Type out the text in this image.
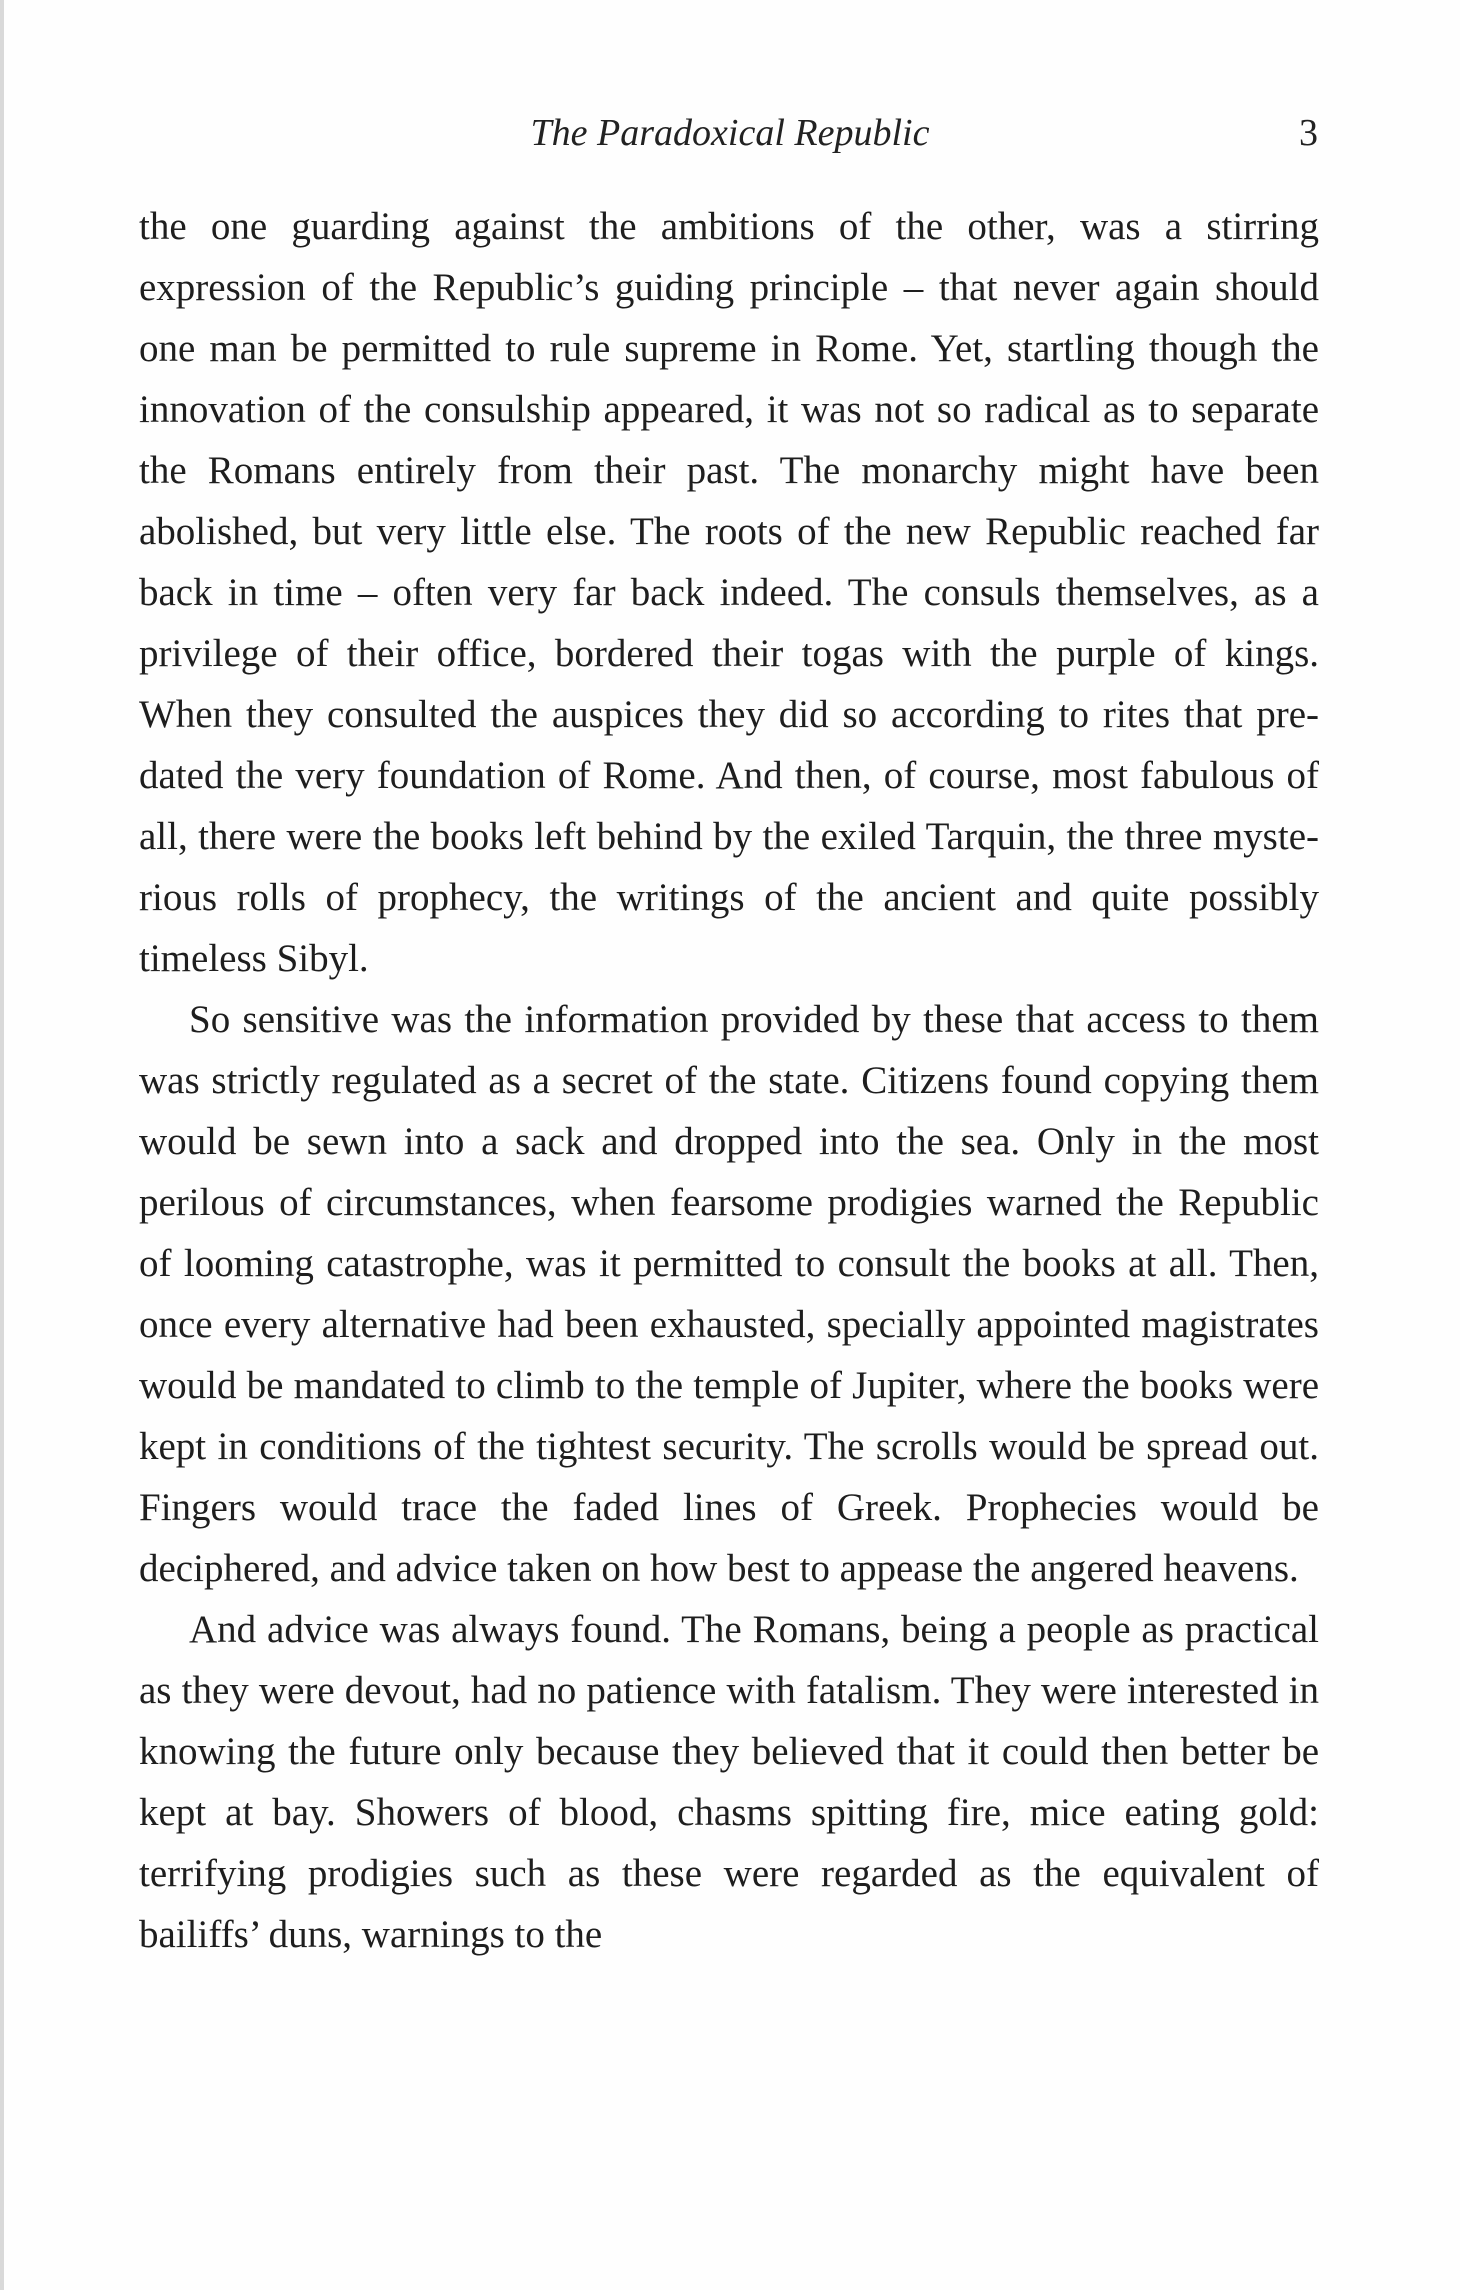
The Paradoxical Republic	3

the one guarding against the ambitions of the other, was a stirring expression of the Republic’s guiding principle – that never again should one man be permitted to rule supreme in Rome. Yet, startling though the innovation of the consulship appeared, it was not so radical as to separate the Romans entirely from their past. The monarchy might have been abolished, but very little else. The roots of the new Republic reached far back in time – often very far back indeed. The consuls themselves, as a privilege of their office, bordered their togas with the purple of kings. When they consulted the auspices they did so according to rites that pre-dated the very foundation of Rome. And then, of course, most fabulous of all, there were the books left behind by the exiled Tarquin, the three mysterious rolls of prophecy, the writings of the ancient and quite possibly timeless Sibyl.

So sensitive was the information provided by these that access to them was strictly regulated as a secret of the state. Citizens found copying them would be sewn into a sack and dropped into the sea. Only in the most perilous of circumstances, when fearsome prodigies warned the Republic of looming catastrophe, was it permitted to consult the books at all. Then, once every alternative had been exhausted, specially appointed magistrates would be mandated to climb to the temple of Jupiter, where the books were kept in conditions of the tightest security. The scrolls would be spread out. Fingers would trace the faded lines of Greek. Prophecies would be deciphered, and advice taken on how best to appease the angered heavens.

And advice was always found. The Romans, being a people as practical as they were devout, had no patience with fatalism. They were interested in knowing the future only because they believed that it could then better be kept at bay. Showers of blood, chasms spitting fire, mice eating gold: terrifying prodigies such as these were regarded as the equivalent of bailiffs’ duns, warnings to the
